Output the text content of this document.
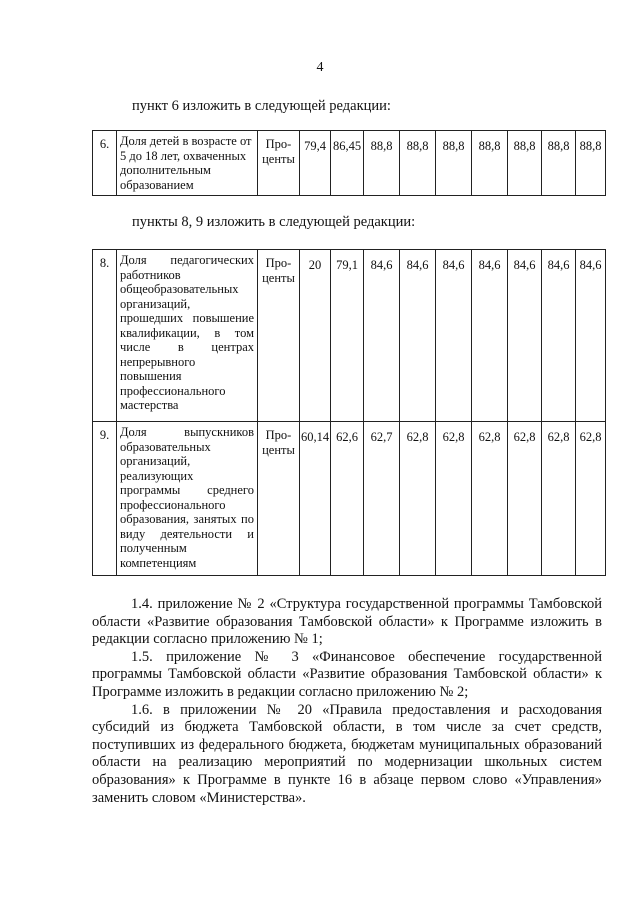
4
пункт 6 изложить в следующей редакции:
6.	Доля детей в возрасте от 5 до 18 лет, охваченных дополнительным образованием	Про-центы	79,4	86,45	88,8	88,8	88,8	88,8	88,8	88,8	88,8
пункты 8, 9 изложить в следующей редакции:
8.	Доля педагогических работников общеобразовательных организаций, прошедших повышение квалификации, в том числе в центрах непрерывного повышения профессионального мастерства	Про-центы	20	79,1	84,6	84,6	84,6	84,6	84,6	84,6	84,6
9.	Доля выпускников образовательных организаций, реализующих программы среднего профессионального образования, занятых по виду деятельности и полученным компетенциям	Про-центы	60,14	62,6	62,7	62,8	62,8	62,8	62,8	62,8	62,8

1.4. приложение № 2 «Структура государственной программы Тамбовской области «Развитие образования Тамбовской области» к Программе изложить в редакции согласно приложению № 1;

1.5. приложение № 3 «Финансовое обеспечение государственной программы Тамбовской области «Развитие образования Тамбовской области» к Программе изложить в редакции согласно приложению № 2;

1.6. в приложении № 20 «Правила предоставления и расходования субсидий из бюджета Тамбовской области, в том числе за счет средств, поступивших из федерального бюджета, бюджетам муниципальных образований области на реализацию мероприятий по модернизации школьных систем образования» к Программе в пункте 16 в абзаце первом слово «Управления» заменить словом «Министерства».
